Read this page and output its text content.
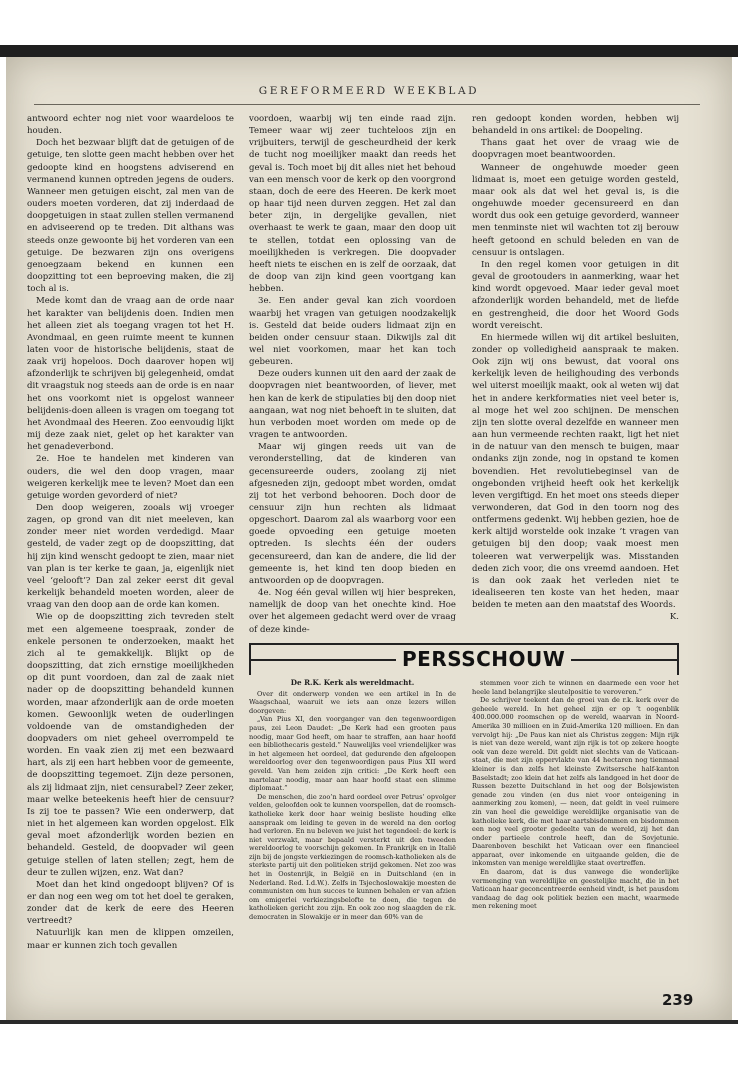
GEREFORMEERD WEEKBLAD

antwoord echter nog niet voor waardeloos te houden.

Doch het bezwaar blijft dat de getuigen of de getuige, ten slotte geen macht hebben over het gedoopte kind en hoogstens adviserend en vermanend kunnen optreden jegens de ouders. Wanneer men getuigen eischt, zal men van de ouders moeten vorderen, dat zij inderdaad de doopgetuigen in staat zullen stellen vermanend en adviseerend op te treden. Dit althans was steeds onze gewoonte bij het vorderen van een getuige. De bezwaren zijn ons overigens genoegzaam bekend en kunnen een doopzitting tot een beproeving maken, die zij toch al is.

Mede komt dan de vraag aan de orde naar het karakter van belijdenis doen. Indien men het alleen ziet als toegang vragen tot het H. Avondmaal, en geen ruimte meent te kunnen laten voor de historische belijdenis, staat de zaak vrij hopeloos. Doch daarover hopen wij afzonderlijk te schrijven bij gelegenheid, omdat dit vraagstuk nog steeds aan de orde is en naar het ons voorkomt niet is opgelost wanneer belijdenis-doen alleen is vragen om toegang tot het Avondmaal des Heeren. Zoo eenvoudig lijkt mij deze zaak niet, gelet op het karakter van het genadeverbond.

2e. Hoe te handelen met kinderen van ouders, die wel den doop vragen, maar weigeren kerkelijk mee te leven? Moet dan een getuige worden gevorderd of niet?

Den doop weigeren, zooals wij vroeger zagen, op grond van dit niet meeleven, kan zonder meer niet worden verdedigd. Maar gesteld, de vader zegt op de doopszitting, dat hij zijn kind wenscht gedoopt te zien, maar niet van plan is ter kerke te gaan, ja, eigenlijk niet veel ‘gelooft’? Dan zal zeker eerst dit geval kerkelijk behandeld moeten worden, aleer de vraag van den doop aan de orde kan komen.

Wie op de doopszitting zich tevreden stelt met een algemeene toespraak, zonder de enkele personen te onderzoeken, maakt het zich al te gemakkelijk. Blijkt op de doopszitting, dat zich ernstige moeilijkheden op dit punt voordoen, dan zal de zaak niet nader op de doopszitting behandeld kunnen worden, maar afzonderlijk aan de orde moeten komen. Gewoonlijk weten de ouderlingen voldoende van de omstandigheden der doopvaders om niet geheel overrompeld te worden. En vaak zien zij met een bezwaard hart, als zij een hart hebben voor de gemeente, de doopszitting tegemoet. Zijn deze personen, als zij lidmaat zijn, niet censurabel? Zeer zeker, maar welke beteekenis heeft hier de censuur? Is zij toe te passen? Wie een onderwerp, dat niet in het algemeen kan worden opgelost. Elk geval moet afzonderlijk worden bezien en behandeld. Gesteld, de doopvader wil geen getuige stellen of laten stellen; zegt, hem de deur te zullen wijzen, enz. Wat dan?

Moet dan het kind ongedoopt blijven? Of is er dan nog een weg om tot het doel te geraken, zonder dat de kerk de eere des Heeren vertreedt?

Natuurlijk kan men de klippen omzeilen, maar er kunnen zich toch gevallen

voordoen, waarbij wij ten einde raad zijn. Temeer waar wij zeer tuchteloos zijn en vrijbuiters, terwijl de gescheurdheid der kerk de tucht nog moeilijker maakt dan reeds het geval is. Toch moet bij dit alles niet het behoud van een mensch voor de kerk op den voorgrond staan, doch de eere des Heeren. De kerk moet op haar tijd neen durven zeggen. Het zal dan beter zijn, in dergelijke gevallen, niet overhaast te werk te gaan, maar den doop uit te stellen, totdat een oplossing van de moeilijkheden is verkregen. Die doopvader heeft niets te eischen en is zelf de oorzaak, dat de doop van zijn kind geen voortgang kan hebben.

3e. Een ander geval kan zich voordoen waarbij het vragen van getuigen noodzakelijk is. Gesteld dat beide ouders lidmaat zijn en beiden onder censuur staan. Dikwijls zal dit wel niet voorkomen, maar het kan toch gebeuren.

Deze ouders kunnen uit den aard der zaak de doopvragen niet beantwoorden, of liever, met hen kan de kerk de stipulaties bij den doop niet aangaan, wat nog niet behoeft in te sluiten, dat hun verboden moet worden om mede op de vragen te antwoorden.

Maar wij gingen reeds uit van de veronderstelling, dat de kinderen van gecensureerde ouders, zoolang zij niet afgesneden zijn, gedoopt mbet worden, omdat zij tot het verbond behooren. Doch door de censuur zijn hun rechten als lidmaat opgeschort. Daarom zal als waarborg voor een goede opvoeding een getuige moeten optreden. Is slechts één der ouders gecensureerd, dan kan de andere, die lid der gemeente is, het kind ten doop bieden en antwoorden op de doopvragen.

4e. Nog één geval willen wij hier bespreken, namelijk de doop van het onechte kind. Hoe over het algemeen gedacht werd over de vraag of deze kinde-

ren gedoopt konden worden, hebben wij behandeld in ons artikel: de Doopeling.

Thans gaat het over de vraag wie de doopvragen moet beantwoorden.

Wanneer de ongehuwde moeder geen lidmaat is, moet een getuige worden gesteld, maar ook als dat wel het geval is, is die ongehuwde moeder gecensureerd en dan wordt dus ook een getuige gevorderd, wanneer men tenminste niet wil wachten tot zij berouw heeft getoond en schuld beleden en van de censuur is ontslagen.

In den regel komen voor getuigen in dit geval de grootouders in aanmerking, waar het kind wordt opgevoed. Maar ieder geval moet afzonderlijk worden behandeld, met de liefde en gestrengheid, die door het Woord Gods wordt vereischt.

En hiermede willen wij dit artikel besluiten, zonder op volledigheid aanspraak te maken. Ook zijn wij ons bewust, dat vooral ons kerkelijk leven de heilighouding des verbonds wel uiterst moeilijk maakt, ook al weten wij dat het in andere kerkformaties niet veel beter is, al moge het wel zoo schijnen. De menschen zijn ten slotte overal dezelfde en wanneer men aan hun vermeende rechten raakt, ligt het niet in de natuur van den mensch te buigen, maar ondanks zijn zonde, nog in opstand te komen bovendien. Het revolutiebeginsel van de ongebonden vrijheid heeft ook het kerkelijk leven vergiftigd. En het moet ons steeds dieper verwonderen, dat God in den toorn nog des ontfermens gedenkt. Wij hebben gezien, hoe de kerk altijd worstelde ook inzake ’t vragen van getuigen bij den doop; vaak moest men toleeren wat verwerpelijk was. Misstanden deden zich voor, die ons vreemd aandoen. Het is dan ook zaak het verleden niet te idealiseeren ten koste van het heden, maar beiden te meten aan den maatstaf des Woords.

K.

PERSSCHOUW

De R.K. Kerk als wereldmacht.

Over dit onderwerp vonden we een artikel in In de Waagschaal, waaruit we iets aan onze lezers willen doorgeven:

„Van Pius XI, den voorganger van den tegenwoordigen paus, zei Leon Daudet: „De Kerk had een grooten paus noodig, maar God heeft, om haar te straffen, aan haar hoofd een bibliothecaris gesteld.” Nauwelijks veel vriendelijker was in het algemeen het oordeel, dat gedurende den afgeloopen wereldoorlog over den tegenwoordigen paus Pius XII werd geveld. Van hem zeiden zijn critici: „De Kerk heeft een martelaar noodig, maar aan haar hoofd staat een slimme diplomaat.”

De menschen, die zoo’n hard oordeel over Petrus’ opvolger velden, geloofden ook te kunnen voorspellen, dat de roomsch-katholieke kerk door haar weinig besliste houding elke aanspraak om leiding te geven in de wereld na den oorlog had verloren. En nu beleven we juist het tegendeel: de kerk is niet verzwakt, maar bepaald versterkt uit den tweeden wereldoorlog te voorschijn gekomen. In Frankrijk en in Italië zijn bij de jongste verkiezingen de roomsch-katholieken als de sterkste partij uit den politieken strijd gekomen. Net zoo was het in Oostenrijk, in België en in Duitschland (en in Nederland. Red. I.d.W.). Zelfs in Tsjechoslowakije moesten de communisten om hun succes te kunnen behalen er van afzien om emigerlei verkiezingsbelofte te doen, die tegen de katholieken gericht zou zijn. En ook zoo nog slaagden de r.k. democraten in Slowakije er in meer dan 60% van de

stemmen voor zich te winnen en daarmede een voor het heele land belangrijke sleutelpositie te veroveren.”

De schrijver teekent dan de groei van de r.k. kerk over de geheele wereld. In het geheel zijn er op ’t oogenblik 400.000.000 roomschen op de wereld, waarvan in Noord-Amerika 30 millioen en in Zuid-Amerika 120 millioen. En dan vervolgt hij: „De Paus kan niet als Christus zeggen: Mijn rijk is niet van deze wereld, want zijn rijk is tot op zekere hoogte ook van deze wereld. Dit geldt niet slechts van de Vaticaan-staat, die met zijn oppervlakte van 44 hectaren nog tienmaal kleiner is dan zelfs het kleinste Zwitsersche half-kanton Baselstadt; zoo klein dat het zelfs als landgoed in het door de Russen bezette Duitschland in het oog der Bolsjewisten genade zou vinden (en dus niet voor onteigening in aanmerking zou komen), — neen, dat geldt in veel ruimere zin van heel die geweldige wereldlijke organisatie van de katholieke kerk, die met haar aartsbisdommen en bisdommen een nog veel grooter gedeelte van de wereld, zij het dan onder partieele controle heeft, dan de Sovjetunie. Daarenboven beschikt het Vaticaan over een financieel apparaat, over inkomende en uitgaande gelden, die de inkomsten van menige wereldlijke staat overtreffen.

En daarom, dat is dus vanwege die wonderlijke vermenging van wereldlijke en geestelijke macht, die in het Vaticaan haar geconcentreerde eenheid vindt, is het pausdom vandaag de dag ook politiek bezien een macht, waarmede men rekening moet

239
